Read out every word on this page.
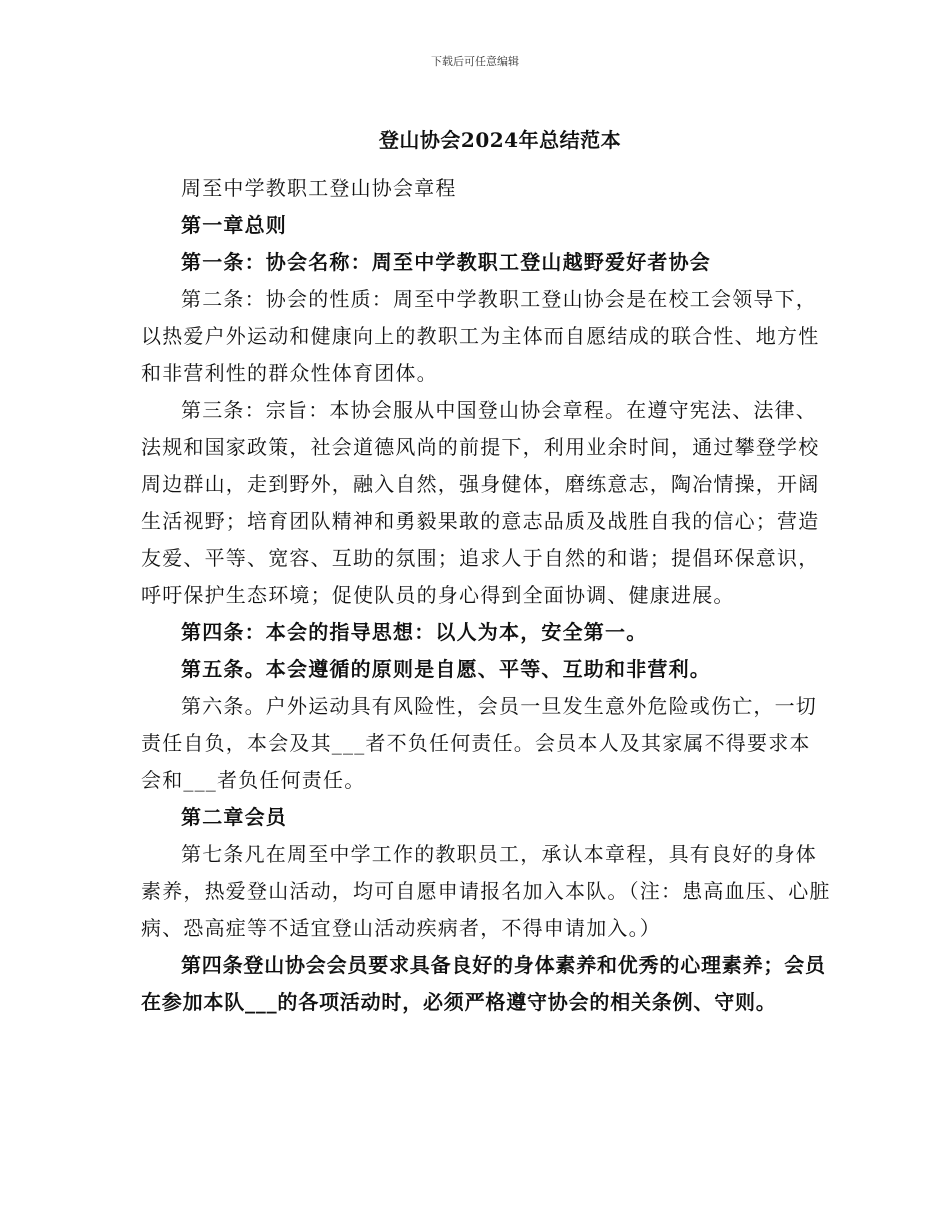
下载后可任意编辑
登山协会2024年总结范本

周至中学教职工登山协会章程

第一章总则

第一条：协会名称：周至中学教职工登山越野爱好者协会

第二条：协会的性质：周至中学教职工登山协会是在校工会领导下，以热爱户外运动和健康向上的教职工为主体而自愿结成的联合性、地方性和非营利性的群众性体育团体。

第三条：宗旨：本协会服从中国登山协会章程。在遵守宪法、法律、法规和国家政策，社会道德风尚的前提下，利用业余时间，通过攀登学校周边群山，走到野外，融入自然，强身健体，磨练意志，陶冶情操，开阔生活视野；培育团队精神和勇毅果敢的意志品质及战胜自我的信心；营造友爱、平等、宽容、互助的氛围；追求人于自然的和谐；提倡环保意识，呼吁保护生态环境；促使队员的身心得到全面协调、健康进展。

第四条：本会的指导思想：以人为本，安全第一。

第五条。本会遵循的原则是自愿、平等、互助和非营利。

第六条。户外运动具有风险性，会员一旦发生意外危险或伤亡，一切责任自负，本会及其___者不负任何责任。会员本人及其家属不得要求本会和___者负任何责任。

第二章会员

第七条凡在周至中学工作的教职员工，承认本章程，具有良好的身体素养，热爱登山活动，均可自愿申请报名加入本队。（注：患高血压、心脏病、恐高症等不适宜登山活动疾病者，不得申请加入。）

第四条登山协会会员要求具备良好的身体素养和优秀的心理素养；会员在参加本队___的各项活动时，必须严格遵守协会的相关条例、守则。
